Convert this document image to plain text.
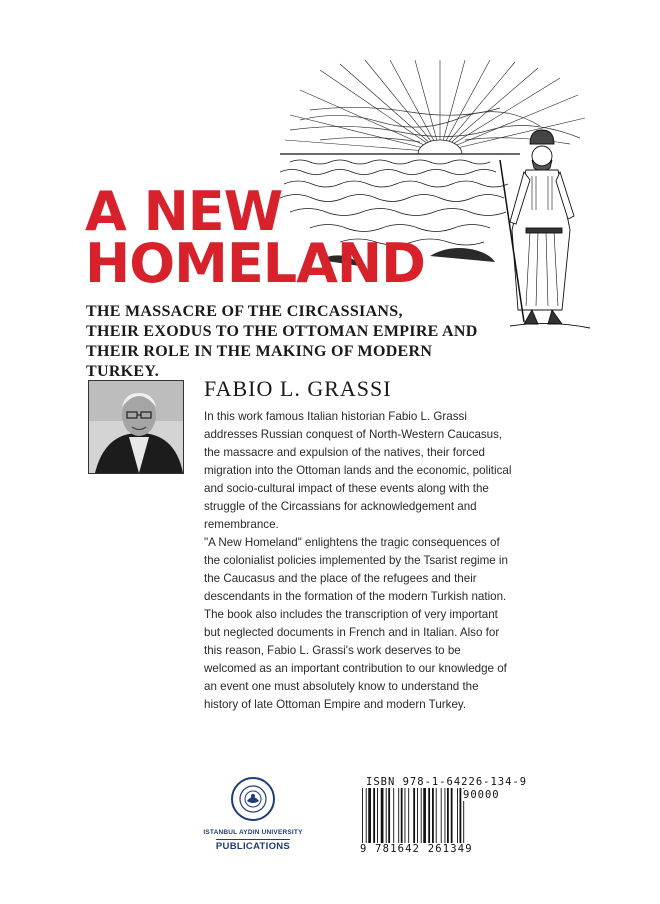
A NEW
HOMELAND
THE MASSACRE OF THE CIRCASSIANS,
THEIR EXODUS TO THE OTTOMAN EMPIRE AND
THEIR ROLE IN THE MAKING OF MODERN TURKEY.
FABIO L. GRASSI

In this work famous Italian historian Fabio L. Grassi addresses Russian conquest of North-Western Caucasus, the massacre and expulsion of the natives, their forced migration into the Ottoman lands and the economic, political and socio-cultural impact of these events along with the struggle of the Circassians for acknowledgement and remembrance.

"A New Homeland" enlightens the tragic consequences of the colonialist policies implemented by the Tsarist regime in the Caucasus and the place of the refugees and their descendants in the formation of the modern Turkish nation.

The book also includes the transcription of very important but neglected documents in French and in Italian. Also for this reason, Fabio L. Grassi's work deserves to be welcomed as an important contribution to our knowledge of an event one must absolutely know to understand the history of late Ottoman Empire and modern Turkey.

ISTANBUL AYDIN UNIVERSITY
PUBLICATIONS
ISBN 978-1-64226-134-9
90000
9 781642 261349
